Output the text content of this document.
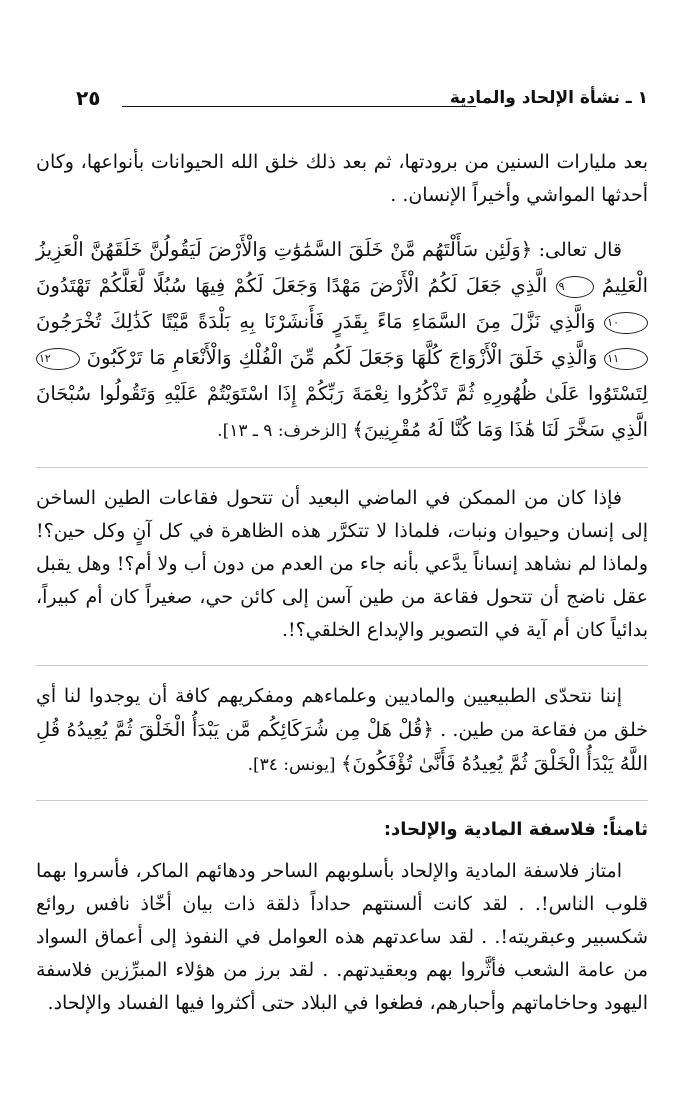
١ ـ نشأة الإلحاد والمادية
٢٥

بعد مليارات السنين من برودتها، ثم بعد ذلك خلق الله الحيوانات بأنواعها، وكان أحدثها المواشي وأخيراً الإنسان. .

قال تعالى: ﴿وَلَئِن سَأَلْتَهُم مَّنْ خَلَقَ السَّمَٰوَٰتِ وَالْأَرْضَ لَيَقُولُنَّ خَلَقَهُنَّ الْعَزِيزُ الْعَلِيمُ ٩ الَّذِي جَعَلَ لَكُمُ الْأَرْضَ مَهْدًا وَجَعَلَ لَكُمْ فِيهَا سُبُلًا لَّعَلَّكُمْ تَهْتَدُونَ ١٠ وَالَّذِي نَزَّلَ مِنَ السَّمَاءِ مَاءً بِقَدَرٍ فَأَنشَرْنَا بِهِ بَلْدَةً مَّيْتًا كَذَٰلِكَ تُخْرَجُونَ ١١ وَالَّذِي خَلَقَ الْأَزْوَاجَ كُلَّهَا وَجَعَلَ لَكُم مِّنَ الْفُلْكِ وَالْأَنْعَامِ مَا تَرْكَبُونَ ١٢ لِتَسْتَوُوا عَلَىٰ ظُهُورِهِ ثُمَّ تَذْكُرُوا نِعْمَةَ رَبِّكُمْ إِذَا اسْتَوَيْتُمْ عَلَيْهِ وَتَقُولُوا سُبْحَانَ الَّذِي سَخَّرَ لَنَا هَٰذَا وَمَا كُنَّا لَهُ مُقْرِنِينَ﴾ [الزخرف: ٩ ـ ١٣].

فإذا كان من الممكن في الماضي البعيد أن تتحول فقاعات الطين الساخن إلى إنسان وحيوان ونبات، فلماذا لا تتكرَّر هذه الظاهرة في كل آنٍ وكل حين؟! ولماذا لم نشاهد إنساناً يدَّعي بأنه جاء من العدم من دون أب ولا أم؟! وهل يقبل عقل ناضج أن تتحول فقاعة من طين آسن إلى كائن حي، صغيراً كان أم كبيراً، بدائياً كان أم آية في التصوير والإبداع الخلقي؟!.

إننا نتحدّى الطبيعيين والماديين وعلماءهم ومفكريهم كافة أن يوجدوا لنا أي خلق من فقاعة من طين. . ﴿قُلْ هَلْ مِن شُرَكَائِكُم مَّن يَبْدَأُ الْخَلْقَ ثُمَّ يُعِيدُهُ قُلِ اللَّهُ يَبْدَأُ الْخَلْقَ ثُمَّ يُعِيدُهُ فَأَنَّىٰ تُؤْفَكُونَ﴾ [يونس: ٣٤].

ثامناً: فلاسفة المادية والإلحاد:

امتاز فلاسفة المادية والإلحاد بأسلوبهم الساحر ودهائهم الماكر، فأسروا بهما قلوب الناس!. . لقد كانت ألسنتهم حداداً ذلقة ذات بيان أخّاذ نافس روائع شكسبير وعبقريته!. . لقد ساعدتهم هذه العوامل في النفوذ إلى أعماق السواد من عامة الشعب فأثَّروا بهم وبعقيدتهم. . لقد برز من هؤلاء المبرِّزين فلاسفة اليهود وحاخاماتهم وأحبارهم، فطغوا في البلاد حتى أكثروا فيها الفساد والإلحاد.
